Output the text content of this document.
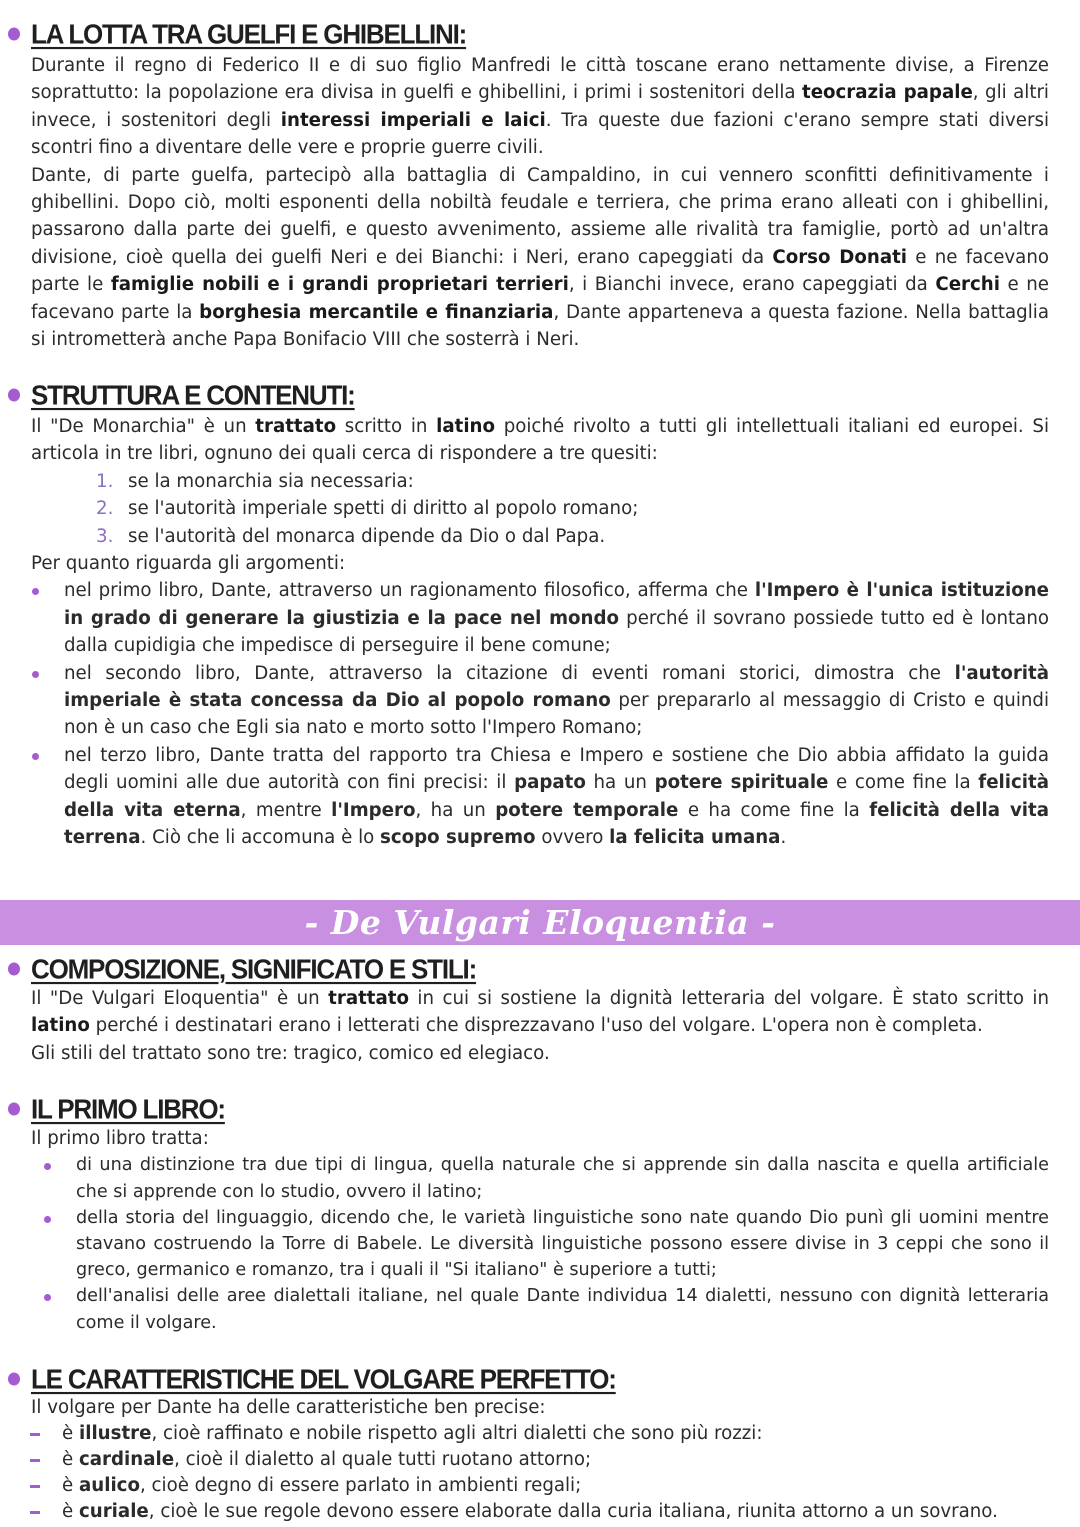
LA LOTTA TRA GUELFI E GHIBELLINI:

Durante il regno di Federico II e di suo figlio Manfredi le città toscane erano nettamente divise, a Firenze soprattutto: la popolazione era divisa in guelfi e ghibellini, i primi i sostenitori della teocrazia papale, gli altri invece, i sostenitori degli interessi imperiali e laici. Tra queste due fazioni c'erano sempre stati diversi scontri fino a diventare delle vere e proprie guerre civili.

Dante, di parte guelfa, partecipò alla battaglia di Campaldino, in cui vennero sconfitti definitivamente i ghibellini. Dopo ciò, molti esponenti della nobiltà feudale e terriera, che prima erano alleati con i ghibellini, passarono dalla parte dei guelfi, e questo avvenimento, assieme alle rivalità tra famiglie, portò ad un'altra divisione, cioè quella dei guelfi Neri e dei Bianchi: i Neri, erano capeggiati da Corso Donati e ne facevano parte le famiglie nobili e i grandi proprietari terrieri, i Bianchi invece, erano capeggiati da Cerchi e ne facevano parte la borghesia mercantile e finanziaria, Dante apparteneva a questa fazione. Nella battaglia si intrometterà anche Papa Bonifacio VIII che sosterrà i Neri.

STRUTTURA E CONTENUTI:

Il "De Monarchia" è un trattato scritto in latino poiché rivolto a tutti gli intellettuali italiani ed europei. Si articola in tre libri, ognuno dei quali cerca di rispondere a tre quesiti:

1. se la monarchia sia necessaria:
2. se l'autorità imperiale spetti di diritto al popolo romano;
3. se l'autorità del monarca dipende da Dio o dal Papa.

Per quanto riguarda gli argomenti:

nel primo libro, Dante, attraverso un ragionamento filosofico, afferma che l'Impero è l'unica istituzione in grado di generare la giustizia e la pace nel mondo perché il sovrano possiede tutto ed è lontano dalla cupidigia che impedisce di perseguire il bene comune;
nel secondo libro, Dante, attraverso la citazione di eventi romani storici, dimostra che l'autorità imperiale è stata concessa da Dio al popolo romano per prepararlo al messaggio di Cristo e quindi non è un caso che Egli sia nato e morto sotto l'Impero Romano;
nel terzo libro, Dante tratta del rapporto tra Chiesa e Impero e sostiene che Dio abbia affidato la guida degli uomini alle due autorità con fini precisi: il papato ha un potere spirituale e come fine la felicità della vita eterna, mentre l'Impero, ha un potere temporale e ha come fine la felicità della vita terrena. Ciò che li accomuna è lo scopo supremo ovvero la felicita umana.
- De Vulgari Eloquentia -
COMPOSIZIONE, SIGNIFICATO E STILI:

Il "De Vulgari Eloquentia" è un trattato in cui si sostiene la dignità letteraria del volgare. È stato scritto in latino perché i destinatari erano i letterati che disprezzavano l'uso del volgare. L'opera non è completa.

Gli stili del trattato sono tre: tragico, comico ed elegiaco.

IL PRIMO LIBRO:

Il primo libro tratta:

di una distinzione tra due tipi di lingua, quella naturale che si apprende sin dalla nascita e quella artificiale che si apprende con lo studio, ovvero il latino;
della storia del linguaggio, dicendo che, le varietà linguistiche sono nate quando Dio punì gli uomini mentre stavano costruendo la Torre di Babele. Le diversità linguistiche possono essere divise in 3 ceppi che sono il greco, germanico e romanzo, tra i quali il "Si italiano" è superiore a tutti;
dell'analisi delle aree dialettali italiane, nel quale Dante individua 14 dialetti, nessuno con dignità letteraria come il volgare.
LE CARATTERISTICHE DEL VOLGARE PERFETTO:

Il volgare per Dante ha delle caratteristiche ben precise:

è illustre, cioè raffinato e nobile rispetto agli altri dialetti che sono più rozzi:
è cardinale, cioè il dialetto al quale tutti ruotano attorno;
è aulico, cioè degno di essere parlato in ambienti regali;
è curiale, cioè le sue regole devono essere elaborate dalla curia italiana, riunita attorno a un sovrano.
